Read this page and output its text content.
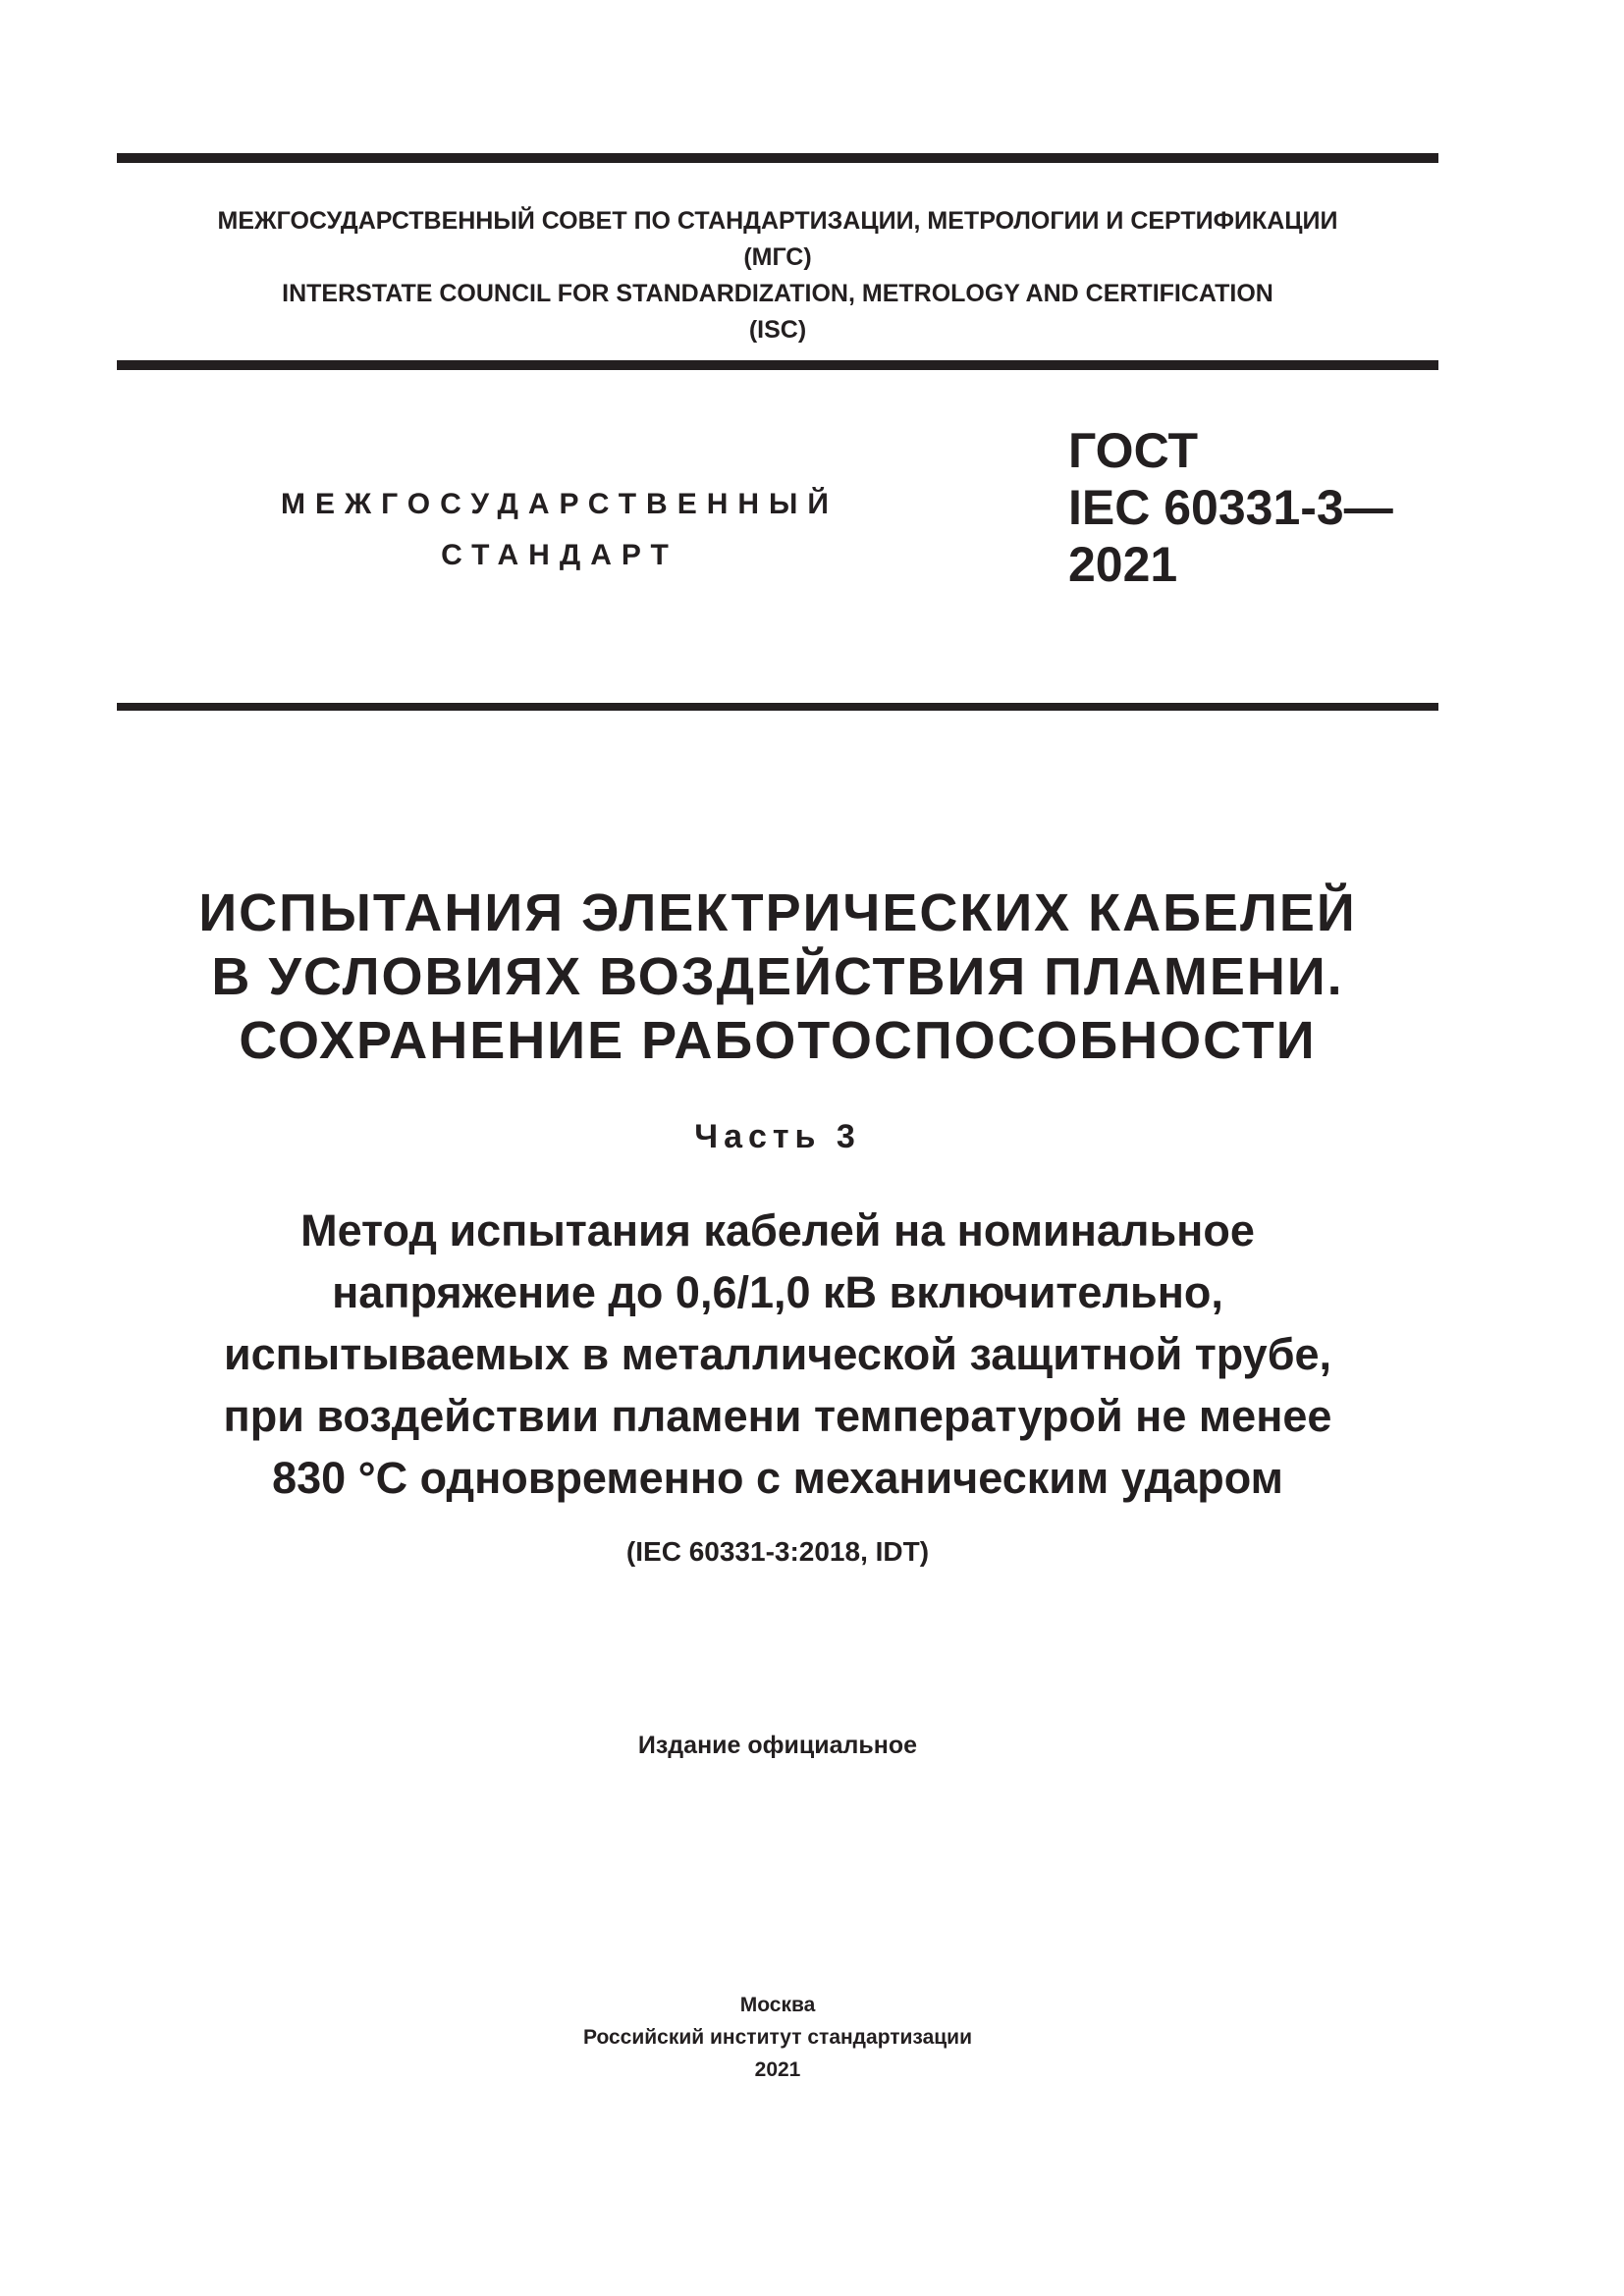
МЕЖГОСУДАРСТВЕННЫЙ СОВЕТ ПО СТАНДАРТИЗАЦИИ, МЕТРОЛОГИИ И СЕРТИФИКАЦИИ
(МГС)
INTERSTATE COUNCIL FOR STANDARDIZATION, METROLOGY AND CERTIFICATION
(ISC)
МЕЖГОСУДАРСТВЕННЫЙ
СТАНДАРТ
ГОСТ
IEC 60331-3—
2021
ИСПЫТАНИЯ ЭЛЕКТРИЧЕСКИХ КАБЕЛЕЙ
В УСЛОВИЯХ ВОЗДЕЙСТВИЯ ПЛАМЕНИ.
СОХРАНЕНИЕ РАБОТОСПОСОБНОСТИ
Часть 3
Метод испытания кабелей на номинальное
напряжение до 0,6/1,0 кВ включительно,
испытываемых в металлической защитной трубе,
при воздействии пламени температурой не менее
830 °С одновременно с механическим ударом
(IEC 60331-3:2018, IDT)
Издание официальное
Москва
Российский институт стандартизации
2021
